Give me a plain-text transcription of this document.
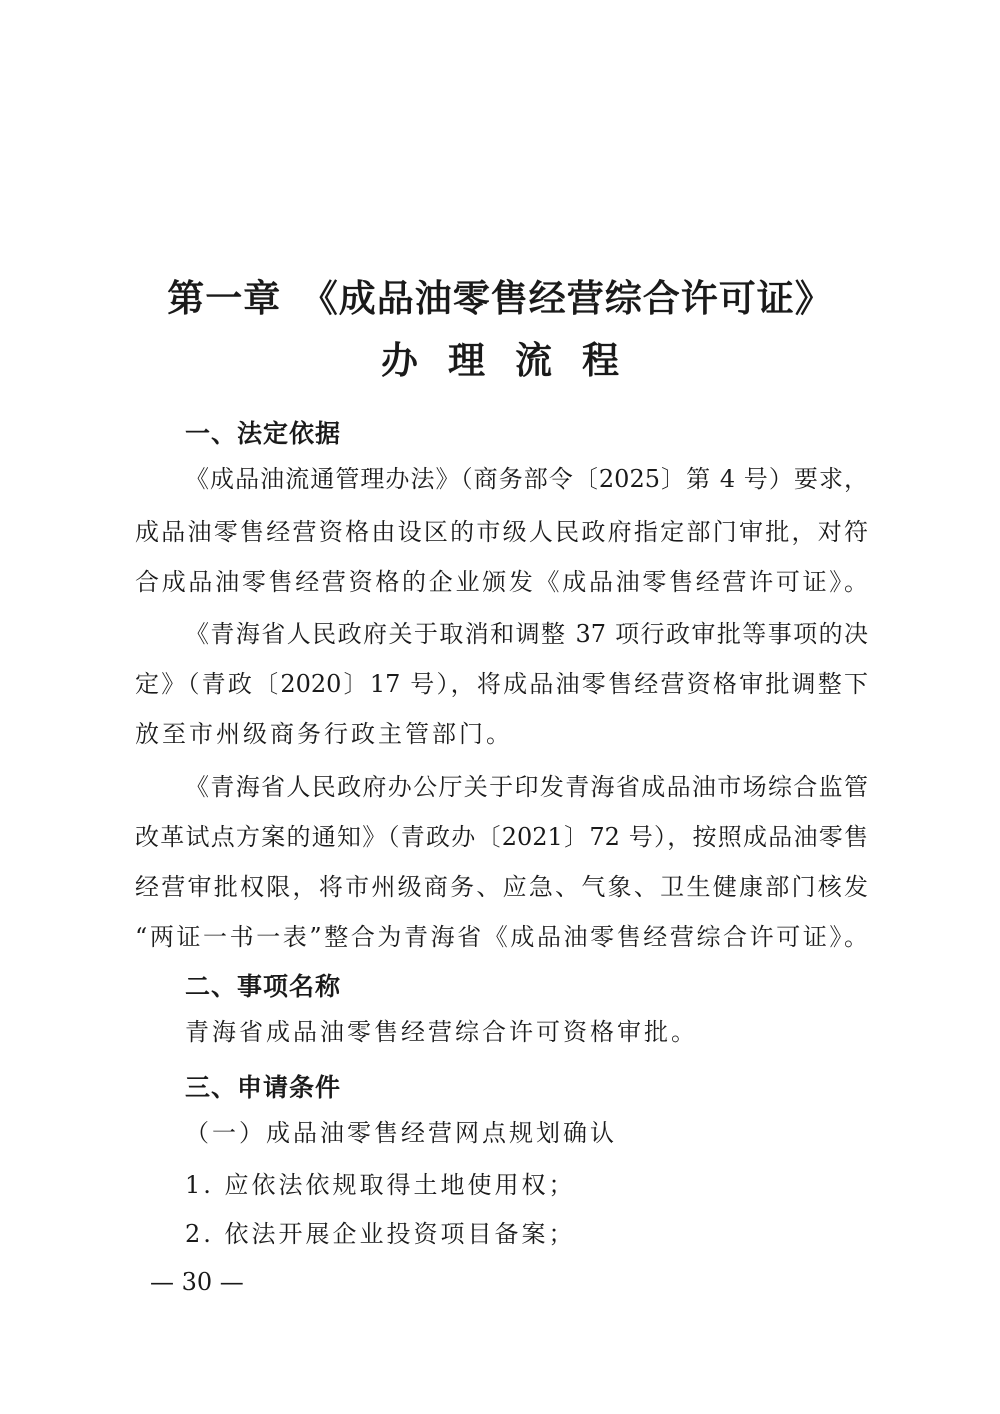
第一章　《成品油零售经营综合许可证》
办 理 流 程
一、法定依据
《成品油流通管理办法》（商务部令〔2025〕第 4 号）要求，
成品油零售经营资格由设区的市级人民政府指定部门审批，对符
合成品油零售经营资格的企业颁发《成品油零售经营许可证》。
《青海省人民政府关于取消和调整 37 项行政审批等事项的决
定》（青政〔2020〕17 号），将成品油零售经营资格审批调整下
放至市州级商务行政主管部门。
《青海省人民政府办公厅关于印发青海省成品油市场综合监管
改革试点方案的通知》（青政办〔2021〕72 号），按照成品油零售
经营审批权限，将市州级商务、应急、气象、卫生健康部门核发
“两证一书一表”整合为青海省《成品油零售经营综合许可证》。
二、事项名称
青海省成品油零售经营综合许可资格审批。
三、申请条件
（一）成品油零售经营网点规划确认
1. 应依法依规取得土地使用权；
2. 依法开展企业投资项目备案；
— 30 —
